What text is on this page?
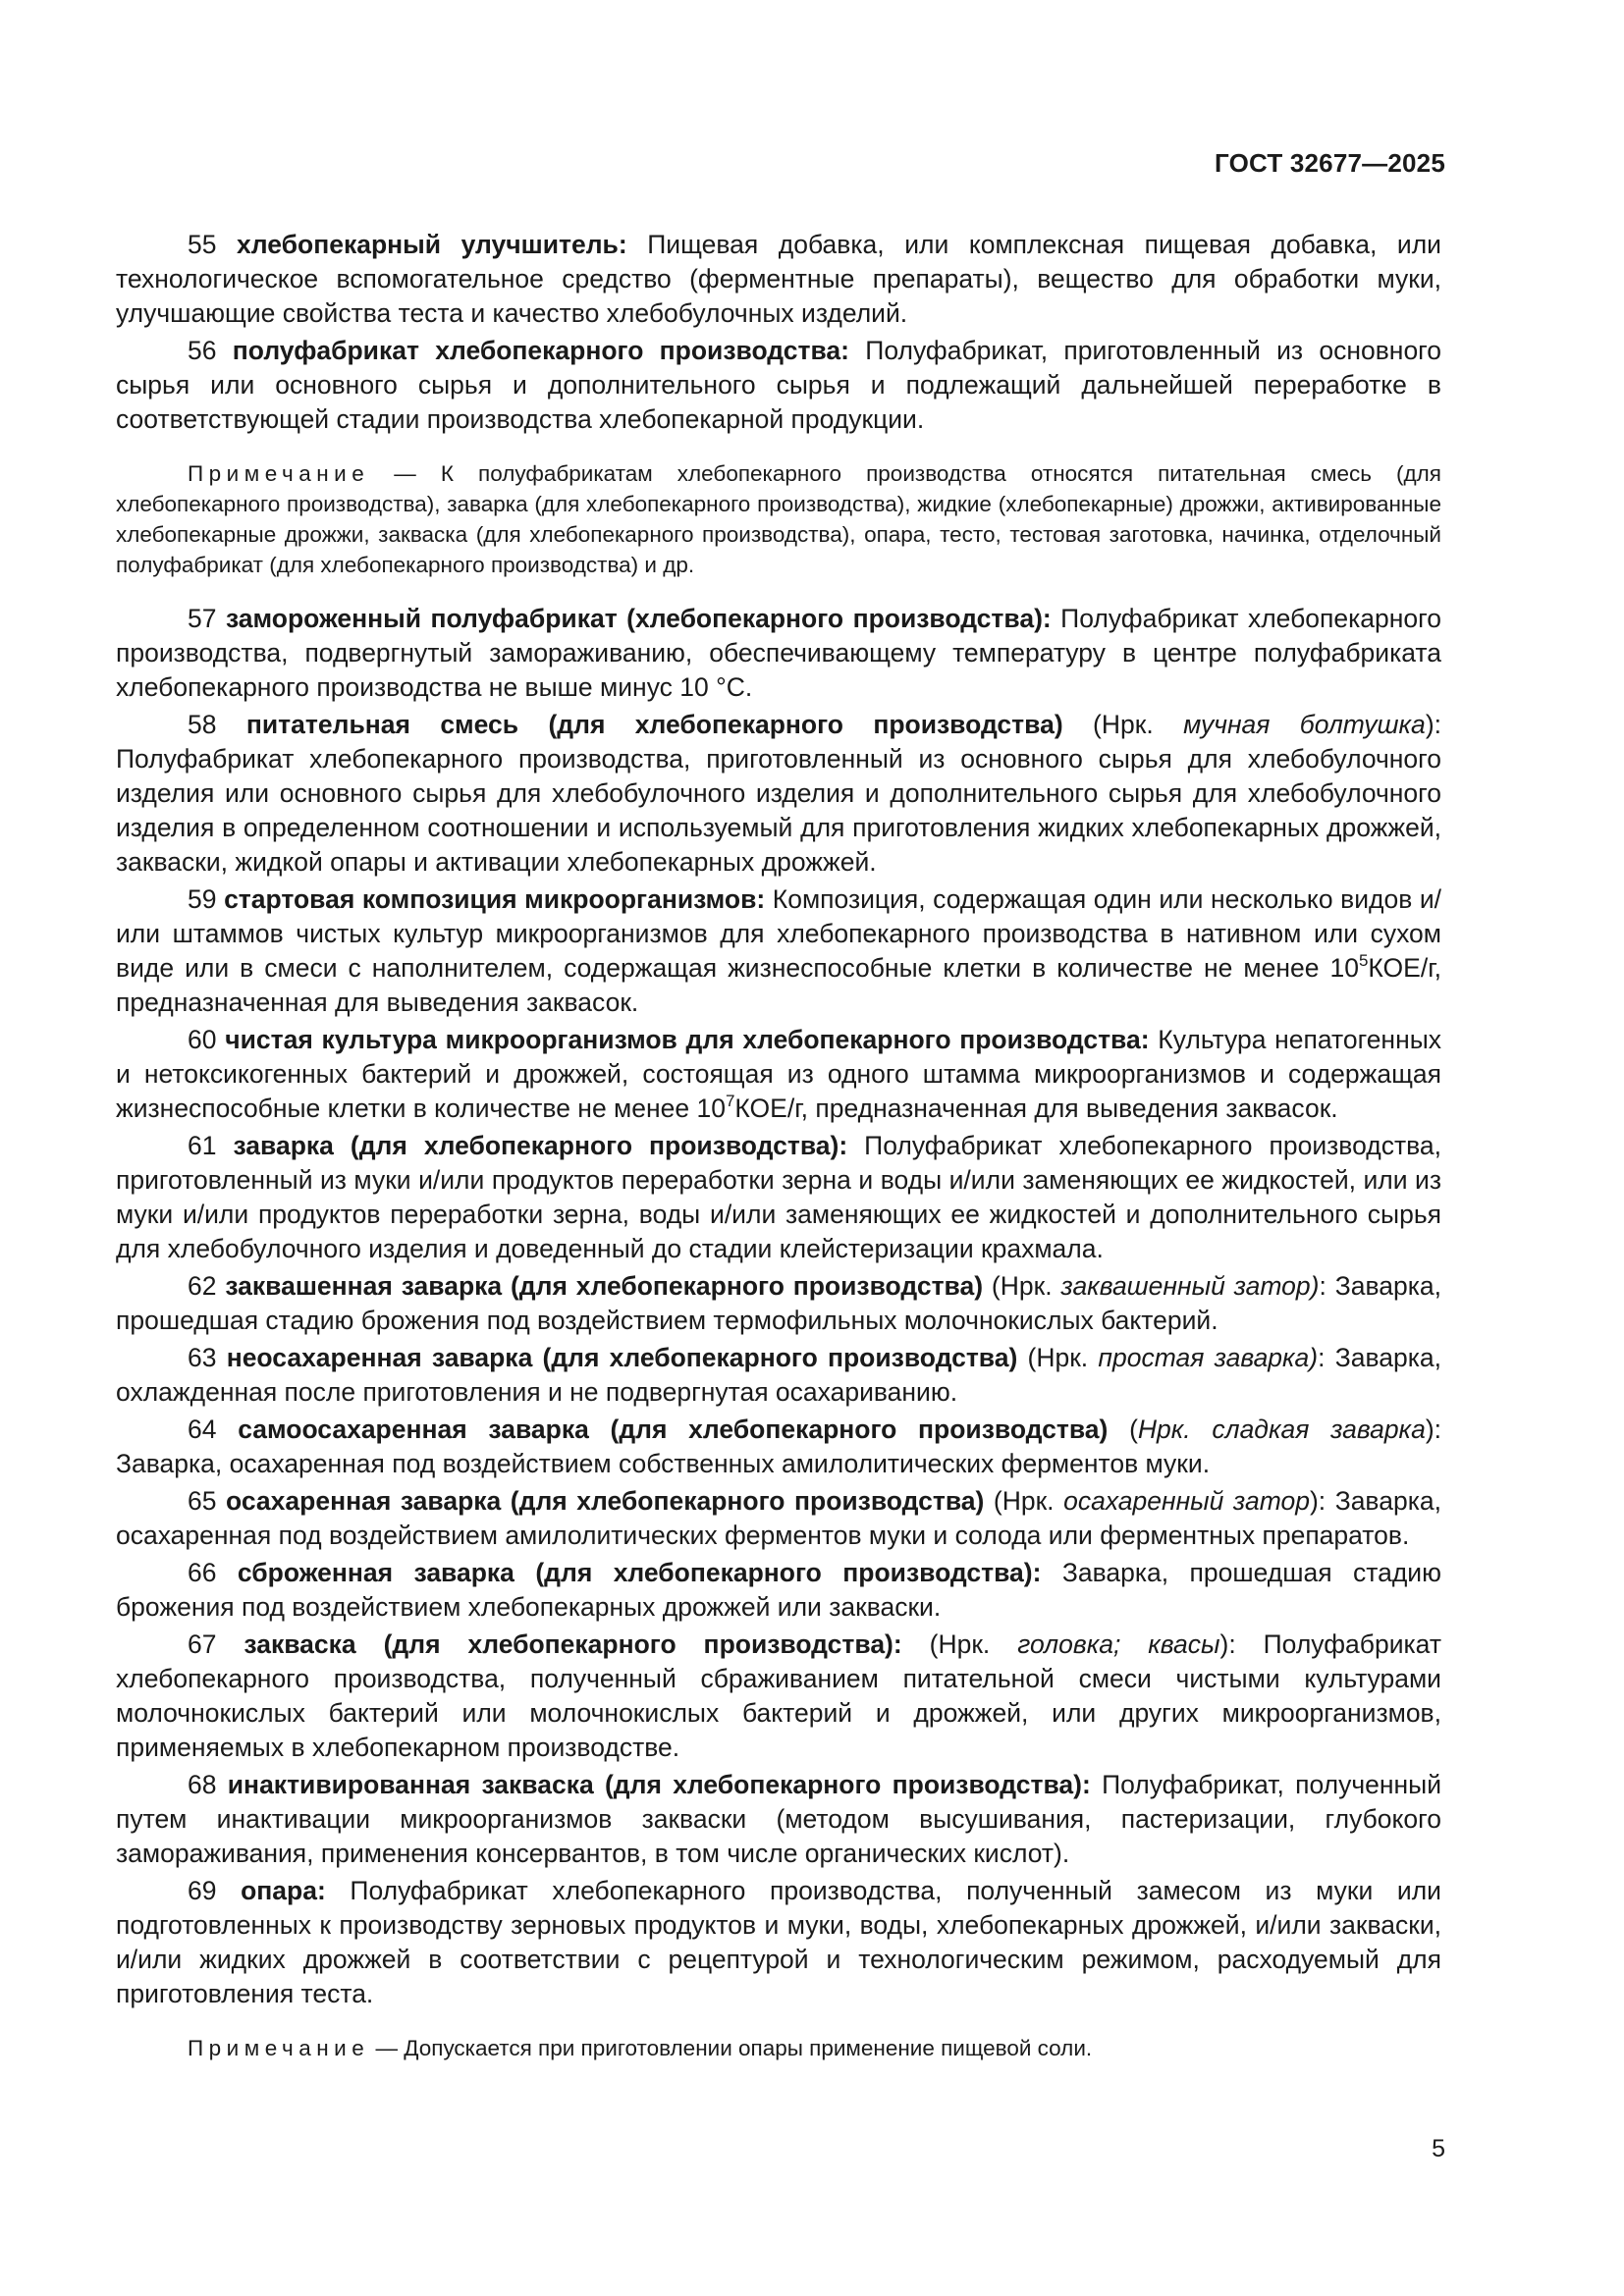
ГОСТ 32677—2025

55 хлебопекарный улучшитель: Пищевая добавка, или комплексная пищевая добавка, или технологическое вспомогательное средство (ферментные препараты), вещество для обработки муки, улучшающие свойства теста и качество хлебобулочных изделий.

56 полуфабрикат хлебопекарного производства: Полуфабрикат, приготовленный из основного сырья или основного сырья и дополнительного сырья и подлежащий дальнейшей переработке в соответствующей стадии производства хлебопекарной продукции.

Примечание — К полуфабрикатам хлебопекарного производства относятся питательная смесь (для хлебопекарного производства), заварка (для хлебопекарного производства), жидкие (хлебопекарные) дрожжи, активированные хлебопекарные дрожжи, закваска (для хлебопекарного производства), опара, тесто, тестовая заготовка, начинка, отделочный полуфабрикат (для хлебопекарного производства) и др.

57 замороженный полуфабрикат (хлебопекарного производства): Полуфабрикат хлебопекарного производства, подвергнутый замораживанию, обеспечивающему температуру в центре полуфабриката хлебопекарного производства не выше минус 10 °С.

58 питательная смесь (для хлебопекарного производства) (Нрк. мучная болтушка): Полуфабрикат хлебопекарного производства, приготовленный из основного сырья для хлебобулочного изделия или основного сырья для хлебобулочного изделия и дополнительного сырья для хлебобулочного изделия в определенном соотношении и используемый для приготовления жидких хлебопекарных дрожжей, закваски, жидкой опары и активации хлебопекарных дрожжей.

59 стартовая композиция микроорганизмов: Композиция, содержащая один или несколько видов и/или штаммов чистых культур микроорганизмов для хлебопекарного производства в нативном или сухом виде или в смеси с наполнителем, содержащая жизнеспособные клетки в количестве не менее $10^5КОЕ/г$, предназначенная для выведения заквасок.

60 чистая культура микроорганизмов для хлебопекарного производства: Культура непатогенных и нетоксикогенных бактерий и дрожжей, состоящая из одного штамма микроорганизмов и содержащая жизнеспособные клетки в количестве не менее $10^7КОЕ/г$, предназначенная для выведения заквасок.

61 заварка (для хлебопекарного производства): Полуфабрикат хлебопекарного производства, приготовленный из муки и/или продуктов переработки зерна и воды и/или заменяющих ее жидкостей, или из муки и/или продуктов переработки зерна, воды и/или заменяющих ее жидкостей и дополнительного сырья для хлебобулочного изделия и доведенный до стадии клейстеризации крахмала.

62 заквашенная заварка (для хлебопекарного производства) (Нрк. заквашенный затор): Заварка, прошедшая стадию брожения под воздействием термофильных молочнокислых бактерий.

63 неосахаренная заварка (для хлебопекарного производства) (Нрк. простая заварка): Заварка, охлажденная после приготовления и не подвергнутая осахариванию.

64 самоосахаренная заварка (для хлебопекарного производства) (Нрк. сладкая заварка): Заварка, осахаренная под воздействием собственных амилолитических ферментов муки.

65 осахаренная заварка (для хлебопекарного производства) (Нрк. осахаренный затор): Заварка, осахаренная под воздействием амилолитических ферментов муки и солода или ферментных препаратов.

66 сброженная заварка (для хлебопекарного производства): Заварка, прошедшая стадию брожения под воздействием хлебопекарных дрожжей или закваски.

67 закваска (для хлебопекарного производства): (Нрк. головка; квасы): Полуфабрикат хлебопекарного производства, полученный сбраживанием питательной смеси чистыми культурами молочнокислых бактерий или молочнокислых бактерий и дрожжей, или других микроорганизмов, применяемых в хлебопекарном производстве.

68 инактивированная закваска (для хлебопекарного производства): Полуфабрикат, полученный путем инактивации микроорганизмов закваски (методом высушивания, пастеризации, глубокого замораживания, применения консервантов, в том числе органических кислот).

69 опара: Полуфабрикат хлебопекарного производства, полученный замесом из муки или подготовленных к производству зерновых продуктов и муки, воды, хлебопекарных дрожжей, и/или закваски, и/или жидких дрожжей в соответствии с рецептурой и технологическим режимом, расходуемый для приготовления теста.

Примечание — Допускается при приготовлении опары применение пищевой соли.

5
